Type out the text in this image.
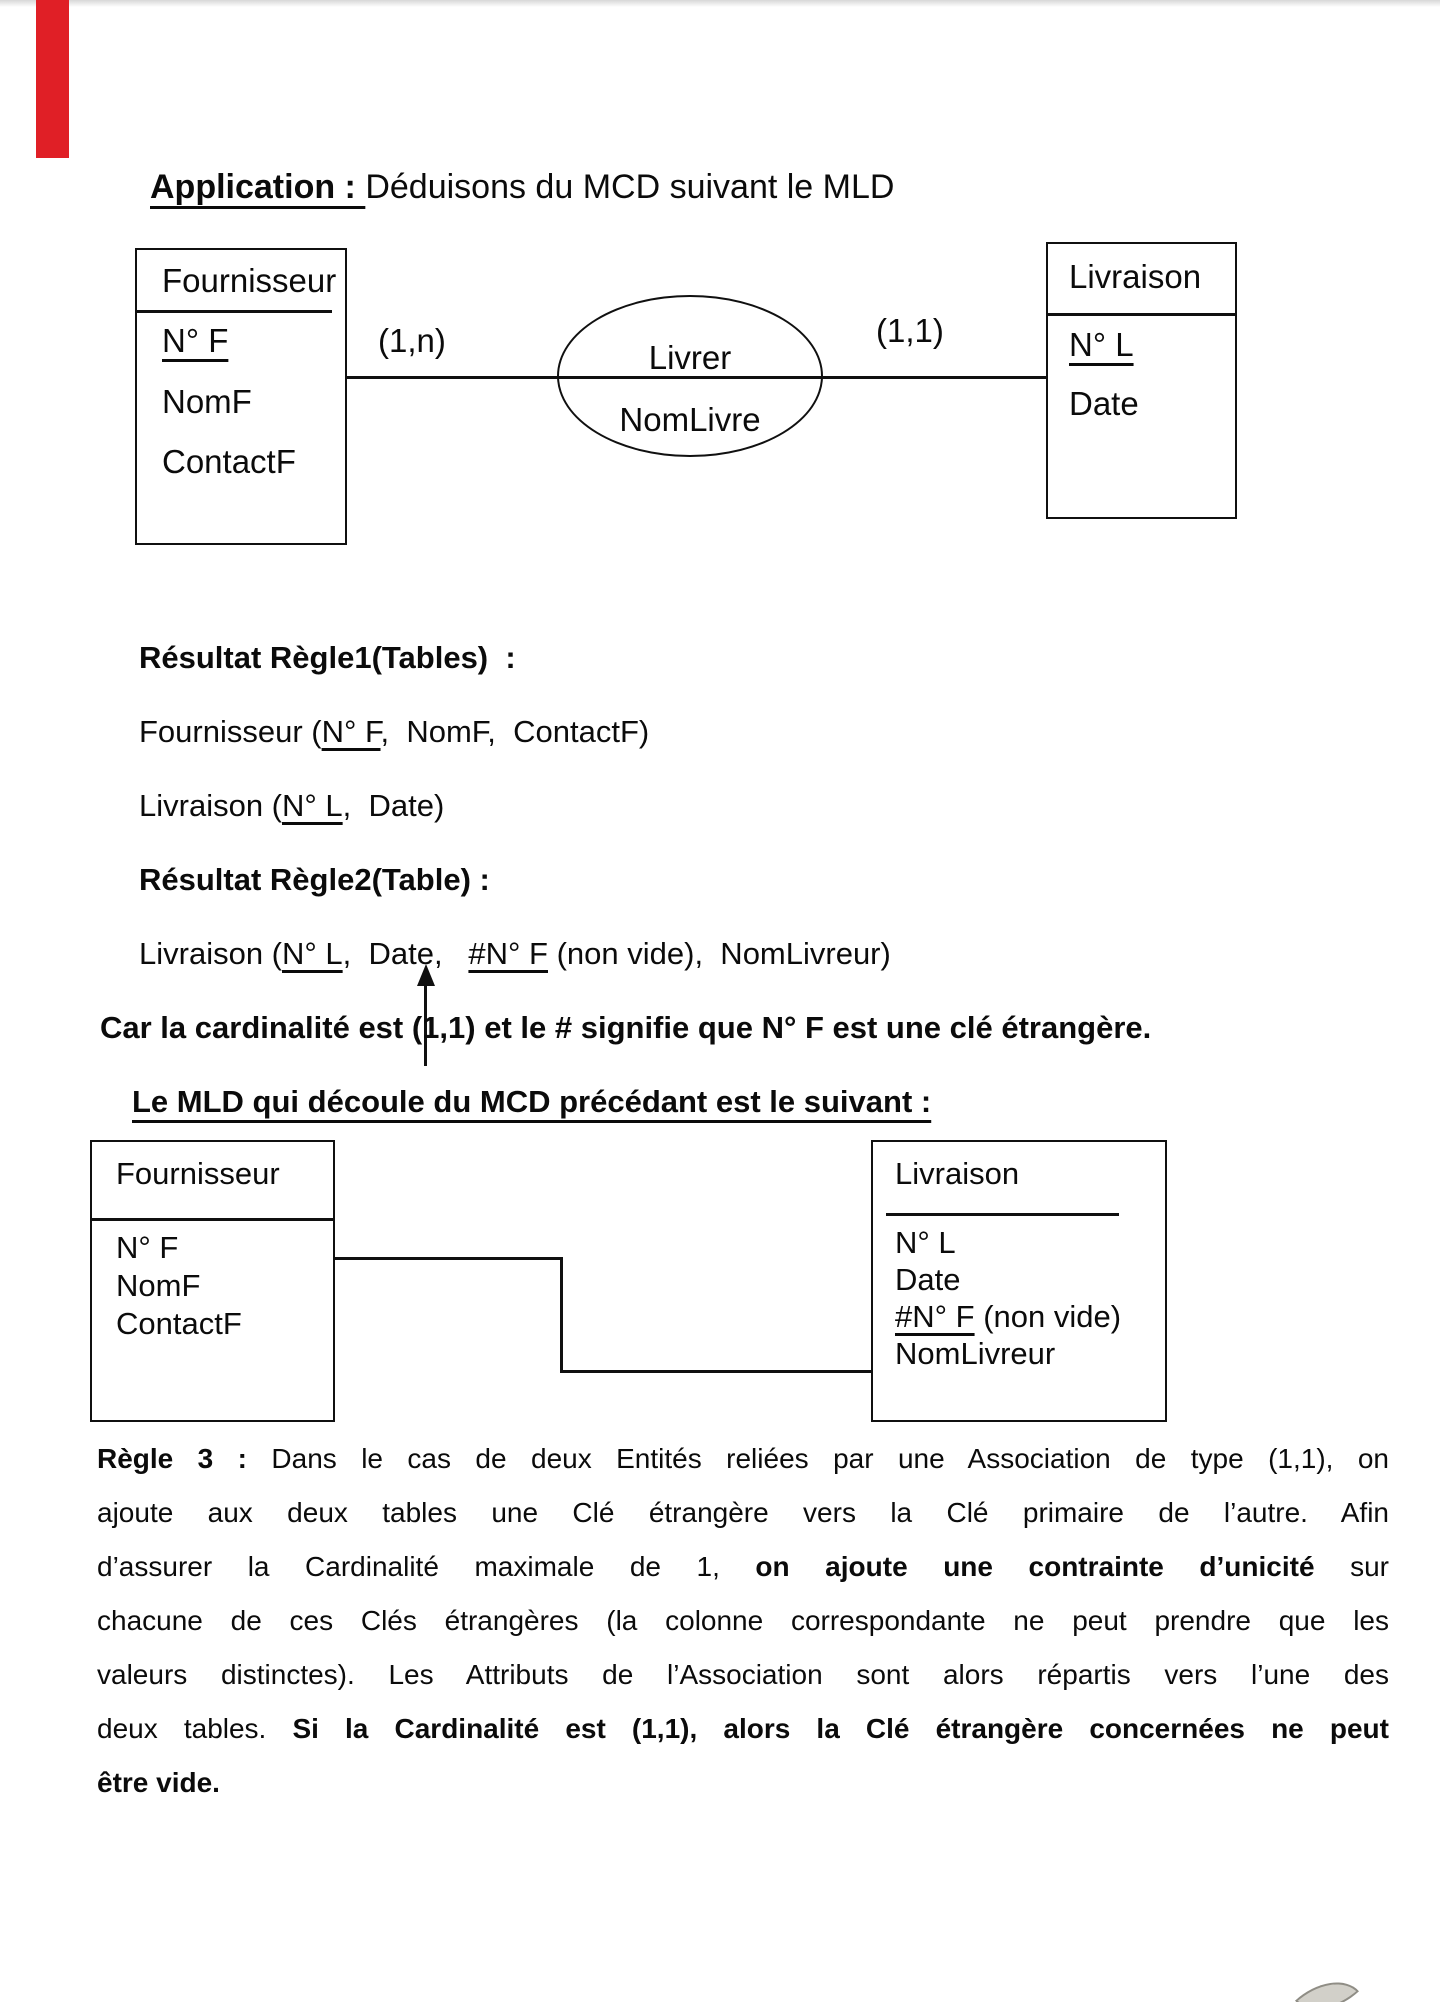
Application : Déduisons du MCD suivant le MLD
Fournisseur
N° F
NomF
ContactF
(1,n)	Livrer
NomLivre
(1,1)
Livraison
N° L
Date
Résultat Règle1(Tables)  :
Fournisseur (N° F,  NomF,  ContactF)
Livraison (N° L,  Date)
Résultat Règle2(Table) :
Livraison (N° L,  Date,   #N° F (non vide),  NomLivreur)
Car la cardinalité est (1,1) et le # signifie que N° F est une clé étrangère.
Le MLD qui découle du MCD précédant est le suivant :
Fournisseur
N° F
NomF
ContactF
Livraison
N° L
Date
#N° F (non vide)
NomLivreur
Règle 3 : Dans le cas de deux Entités reliées par une Association de type (1,1), on
ajoute aux deux tables une Clé étrangère vers la Clé primaire de l’autre. Afin
d’assurer la Cardinalité maximale de 1, on ajoute une contrainte d’unicité sur
chacune de ces Clés étrangères (la colonne correspondante ne peut prendre que les
valeurs distinctes). Les Attributs de l’Association sont alors répartis vers l’une des
deux tables. Si la Cardinalité est (1,1), alors la Clé étrangère concernées ne peut
être vide.
